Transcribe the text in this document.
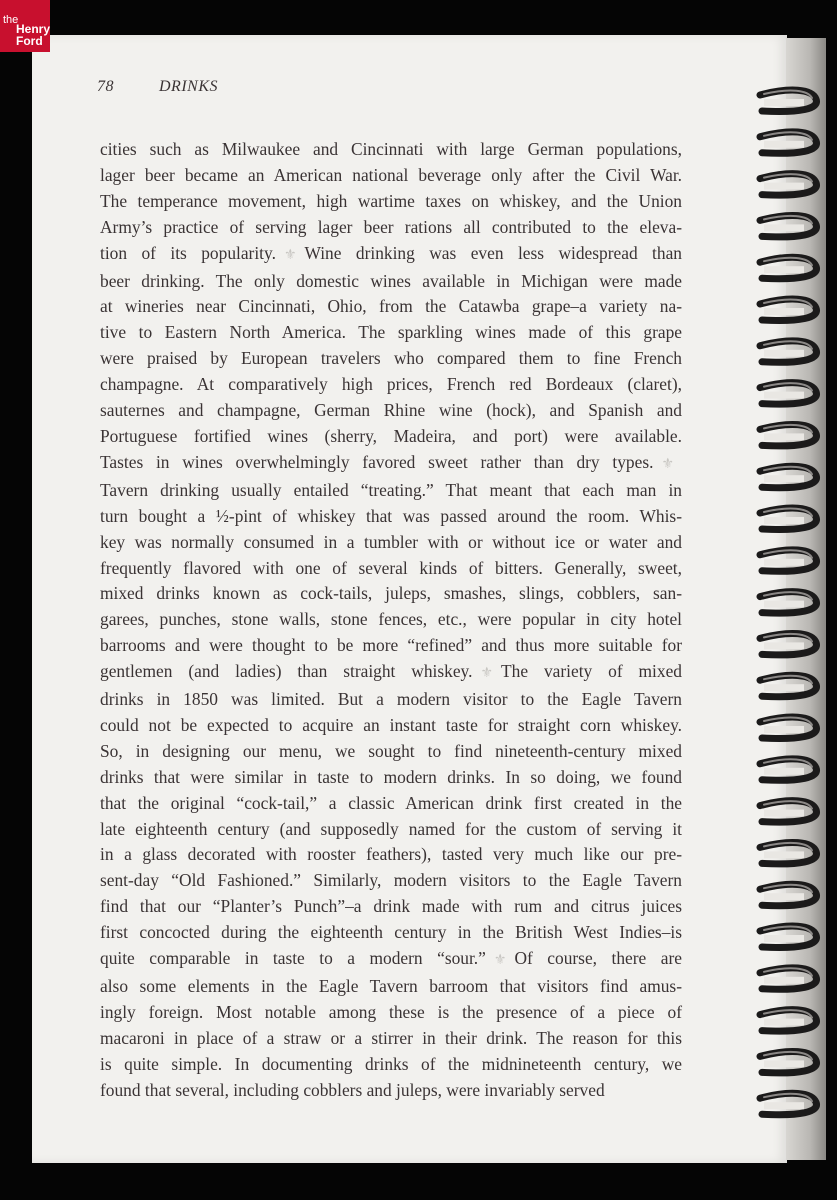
the
Henry
Ford
78	DRINKS
cities such as Milwaukee and Cincinnati with large German populations,
lager beer became an American national beverage only after the Civil War.
The temperance movement, high wartime taxes on whiskey, and the Union
Army’s practice of serving lager beer rations all contributed to the eleva-
tion of its popularity. ⚜ Wine drinking was even less widespread than
beer drinking. The only domestic wines available in Michigan were made
at wineries near Cincinnati, Ohio, from the Catawba grape–a variety na-
tive to Eastern North America. The sparkling wines made of this grape
were praised by European travelers who compared them to fine French
champagne. At comparatively high prices, French red Bordeaux (claret),
sauternes and champagne, German Rhine wine (hock), and Spanish and
Portuguese fortified wines (sherry, Madeira, and port) were available.
Tastes in wines overwhelmingly favored sweet rather than dry types. ⚜
Tavern drinking usually entailed “treating.” That meant that each man in
turn bought a ½-pint of whiskey that was passed around the room. Whis-
key was normally consumed in a tumbler with or without ice or water and
frequently flavored with one of several kinds of bitters. Generally, sweet,
mixed drinks known as cock-tails, juleps, smashes, slings, cobblers, san-
garees, punches, stone walls, stone fences, etc., were popular in city hotel
barrooms and were thought to be more “refined” and thus more suitable for
gentlemen (and ladies) than straight whiskey. ⚜ The variety of mixed
drinks in 1850 was limited. But a modern visitor to the Eagle Tavern
could not be expected to acquire an instant taste for straight corn whiskey.
So, in designing our menu, we sought to find nineteenth-century mixed
drinks that were similar in taste to modern drinks. In so doing, we found
that the original “cock-tail,” a classic American drink first created in the
late eighteenth century (and supposedly named for the custom of serving it
in a glass decorated with rooster feathers), tasted very much like our pre-
sent-day “Old Fashioned.” Similarly, modern visitors to the Eagle Tavern
find that our “Planter’s Punch”–a drink made with rum and citrus juices
first concocted during the eighteenth century in the British West Indies–is
quite comparable in taste to a modern “sour.” ⚜ Of course, there are
also some elements in the Eagle Tavern barroom that visitors find amus-
ingly foreign. Most notable among these is the presence of a piece of
macaroni in place of a straw or a stirrer in their drink. The reason for this
is quite simple. In documenting drinks of the midnineteenth century, we
found that several, including cobblers and juleps, were invariably served
